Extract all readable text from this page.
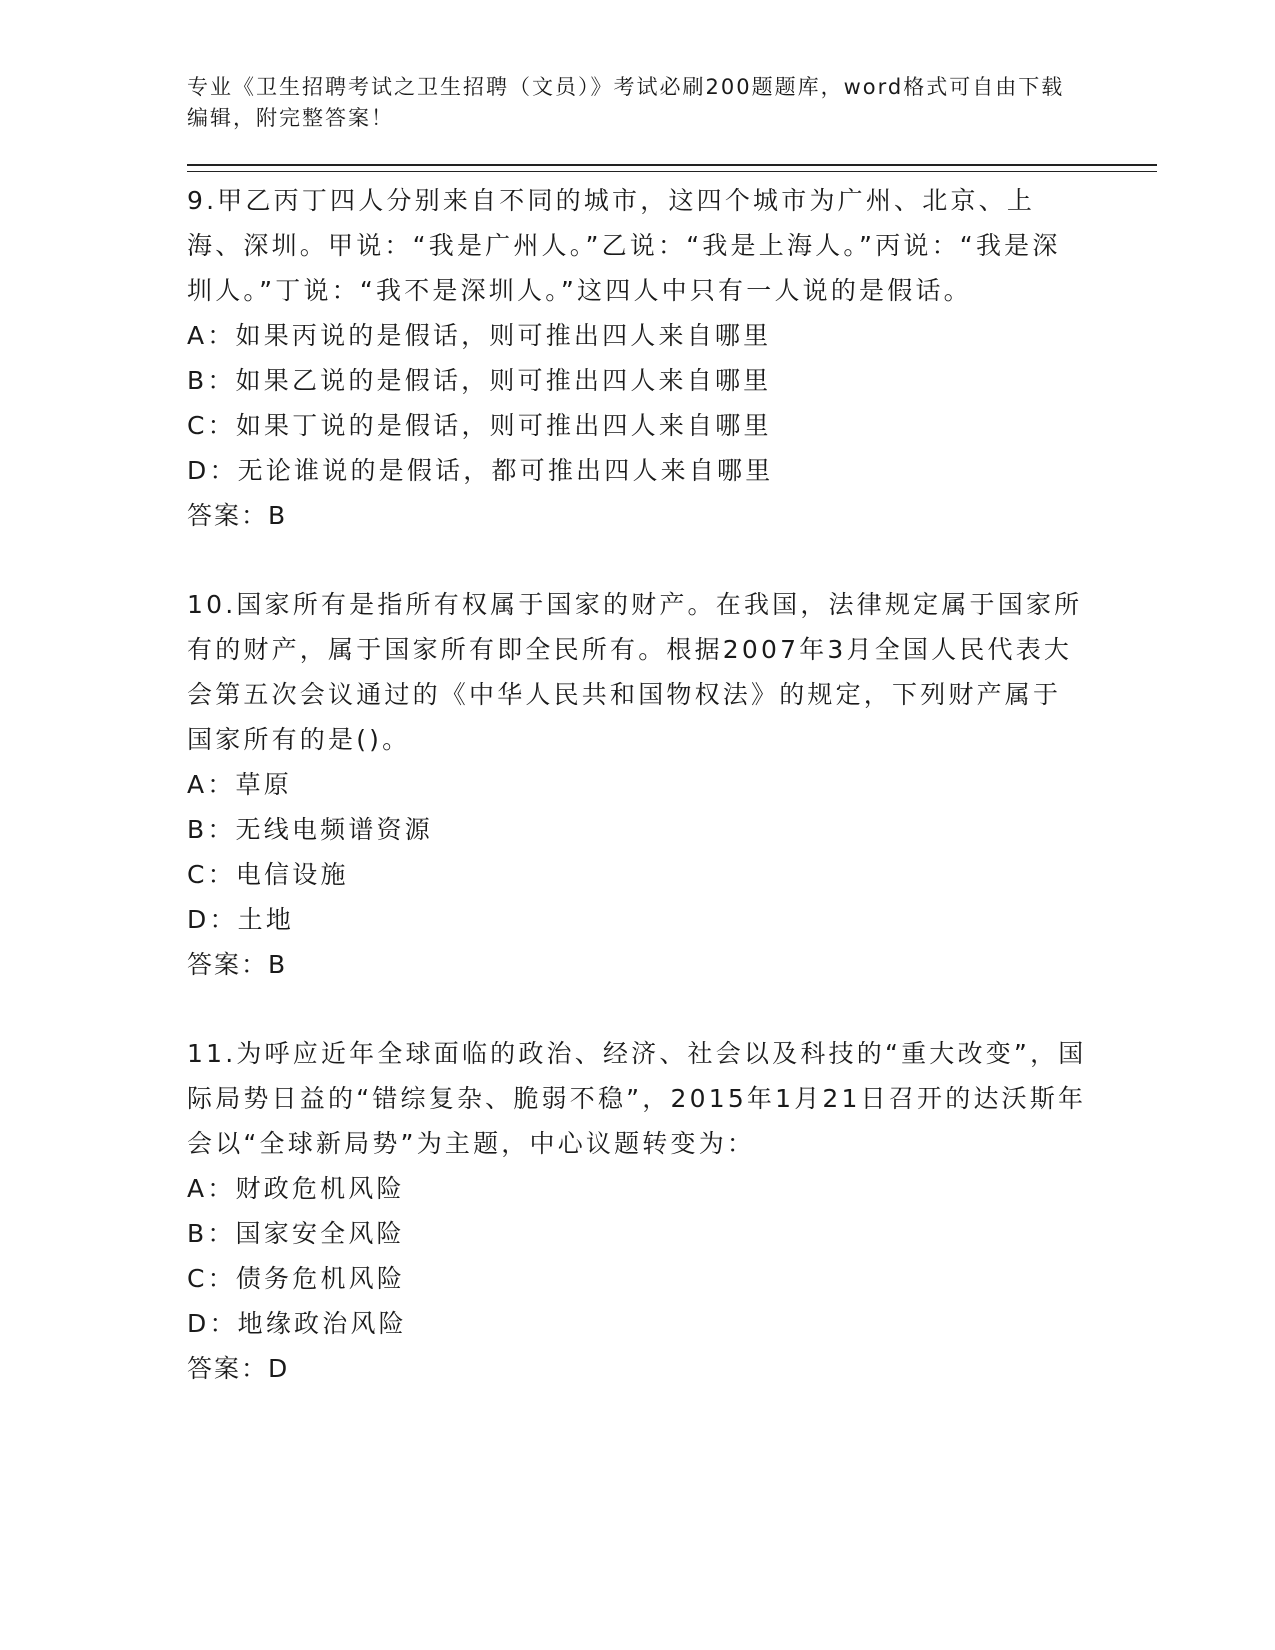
专业《卫生招聘考试之卫生招聘（文员）》考试必刷200题题库，word格式可自由下载编辑，附完整答案！

9.甲乙丙丁四人分别来自不同的城市，这四个城市为广州、北京、上海、深圳。甲说：“我是广州人。”乙说：“我是上海人。”丙说：“我是深圳人。”丁说：“我不是深圳人。”这四人中只有一人说的是假话。

A：如果丙说的是假话，则可推出四人来自哪里

B：如果乙说的是假话，则可推出四人来自哪里

C：如果丁说的是假话，则可推出四人来自哪里

D：无论谁说的是假话，都可推出四人来自哪里

答案：B

10.国家所有是指所有权属于国家的财产。在我国，法律规定属于国家所有的财产，属于国家所有即全民所有。根据2007年3月全国人民代表大会第五次会议通过的《中华人民共和国物权法》的规定，下列财产属于国家所有的是()。

A：草原

B：无线电频谱资源

C：电信设施

D：土地

答案：B

11.为呼应近年全球面临的政治、经济、社会以及科技的“重大改变”，国际局势日益的“错综复杂、脆弱不稳”，2015年1月21日召开的达沃斯年会以“全球新局势”为主题，中心议题转变为：

A：财政危机风险

B：国家安全风险

C：债务危机风险

D：地缘政治风险

答案：D
